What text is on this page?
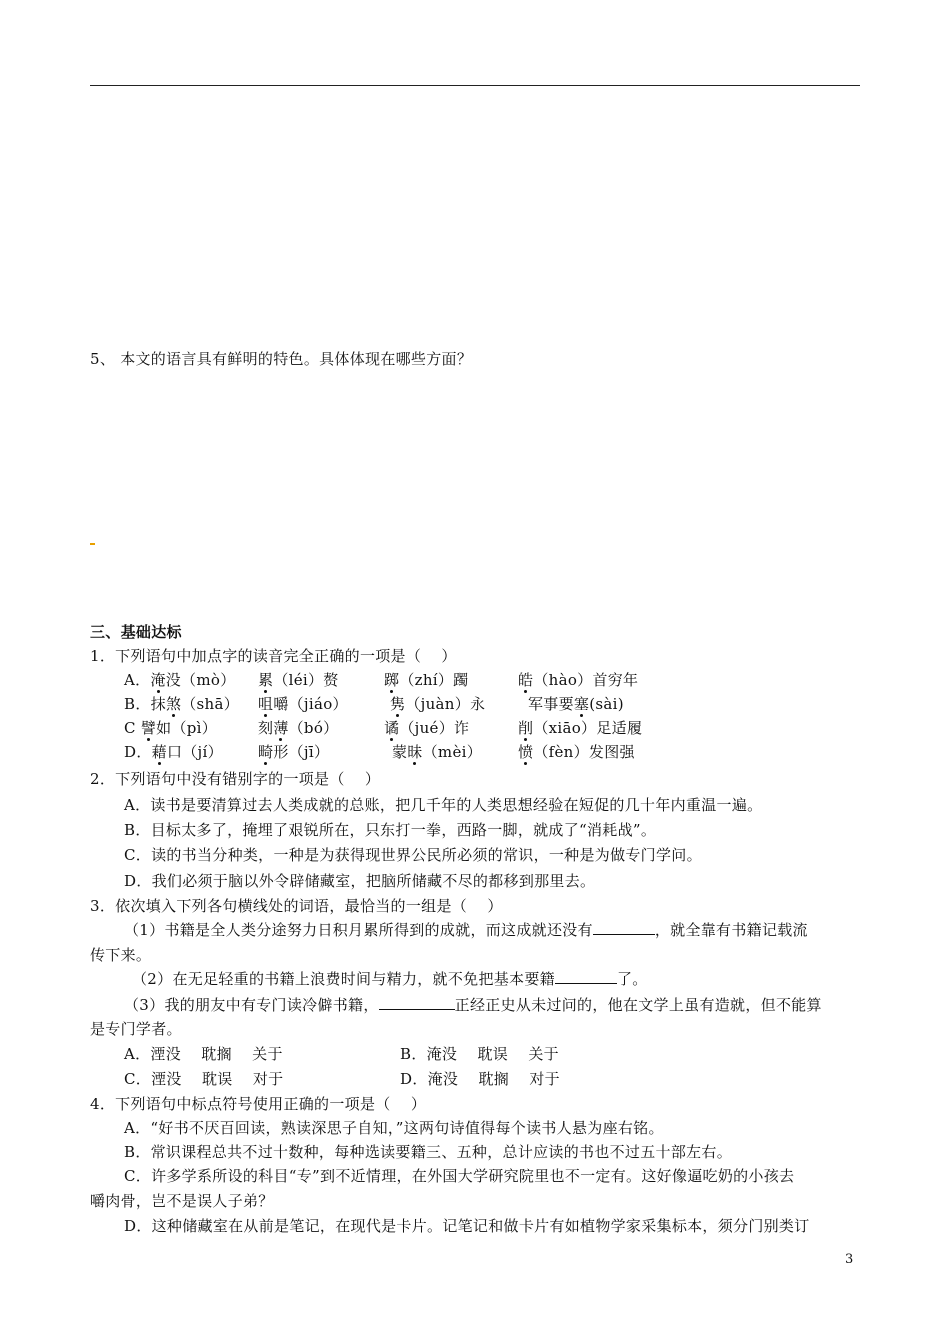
5、 本文的语言具有鲜明的特色。具体体现在哪些方面？
三、基础达标
1．下列语句中加点字的读音完全正确的一项是（    ）
A．淹没（mò） 累（léi）赘	踯（zhí）躅	皓（hào）首穷年
B．抹煞（shā） 咀嚼（jiáo）	隽（juàn）永	军事要塞(sài)
C 譬如（pì）	刻薄（bó）	谲（jué）诈	削（xiāo）足适履
D．藉口（jí） 畸形（jī）	蒙昧（mèi） 愤（fèn）发图强
2．下列语句中没有错别字的一项是（    ）
A．读书是要清算过去人类成就的总账，把几千年的人类思想经验在短促的几十年内重温一遍。
B．目标太多了，掩埋了艰锐所在，只东打一拳，西路一脚，就成了“消耗战”。
C．读的书当分种类，一种是为获得现世界公民所必须的常识，一种是为做专门学问。
D．我们必须于脑以外令辟储藏室，把脑所储藏不尽的都移到那里去。
3．依次填入下列各句横线处的词语，最恰当的一组是（    ）
（1）书籍是全人类分途努力日积月累所得到的成就，而这成就还没有	，就全靠有书籍记载流
传下来。
（2）在无足轻重的书籍上浪费时间与精力，就不免把基本要籍	了。
（3）我的朋友中有专门读冷僻书籍，	正经正史从未过问的，他在文学上虽有造就，但不能算
是专门学者。
A．湮没    耽搁    关于	B．淹没    耽误    关于
C．湮没    耽误    对于	D．淹没    耽搁    对于
4．下列语句中标点符号使用正确的一项是（    ）
A．“好书不厌百回读，熟读深思子自知，”这两句诗值得每个读书人悬为座右铭。
B．常识课程总共不过十数种，每种选读要籍三、五种，总计应读的书也不过五十部左右。
C．许多学系所设的科目“专”到不近情理，在外国大学研究院里也不一定有。这好像逼吃奶的小孩去
嚼肉骨，岂不是误人子弟？
D．这种储藏室在从前是笔记，在现代是卡片。记笔记和做卡片有如植物学家采集标本，须分门别类订
3
